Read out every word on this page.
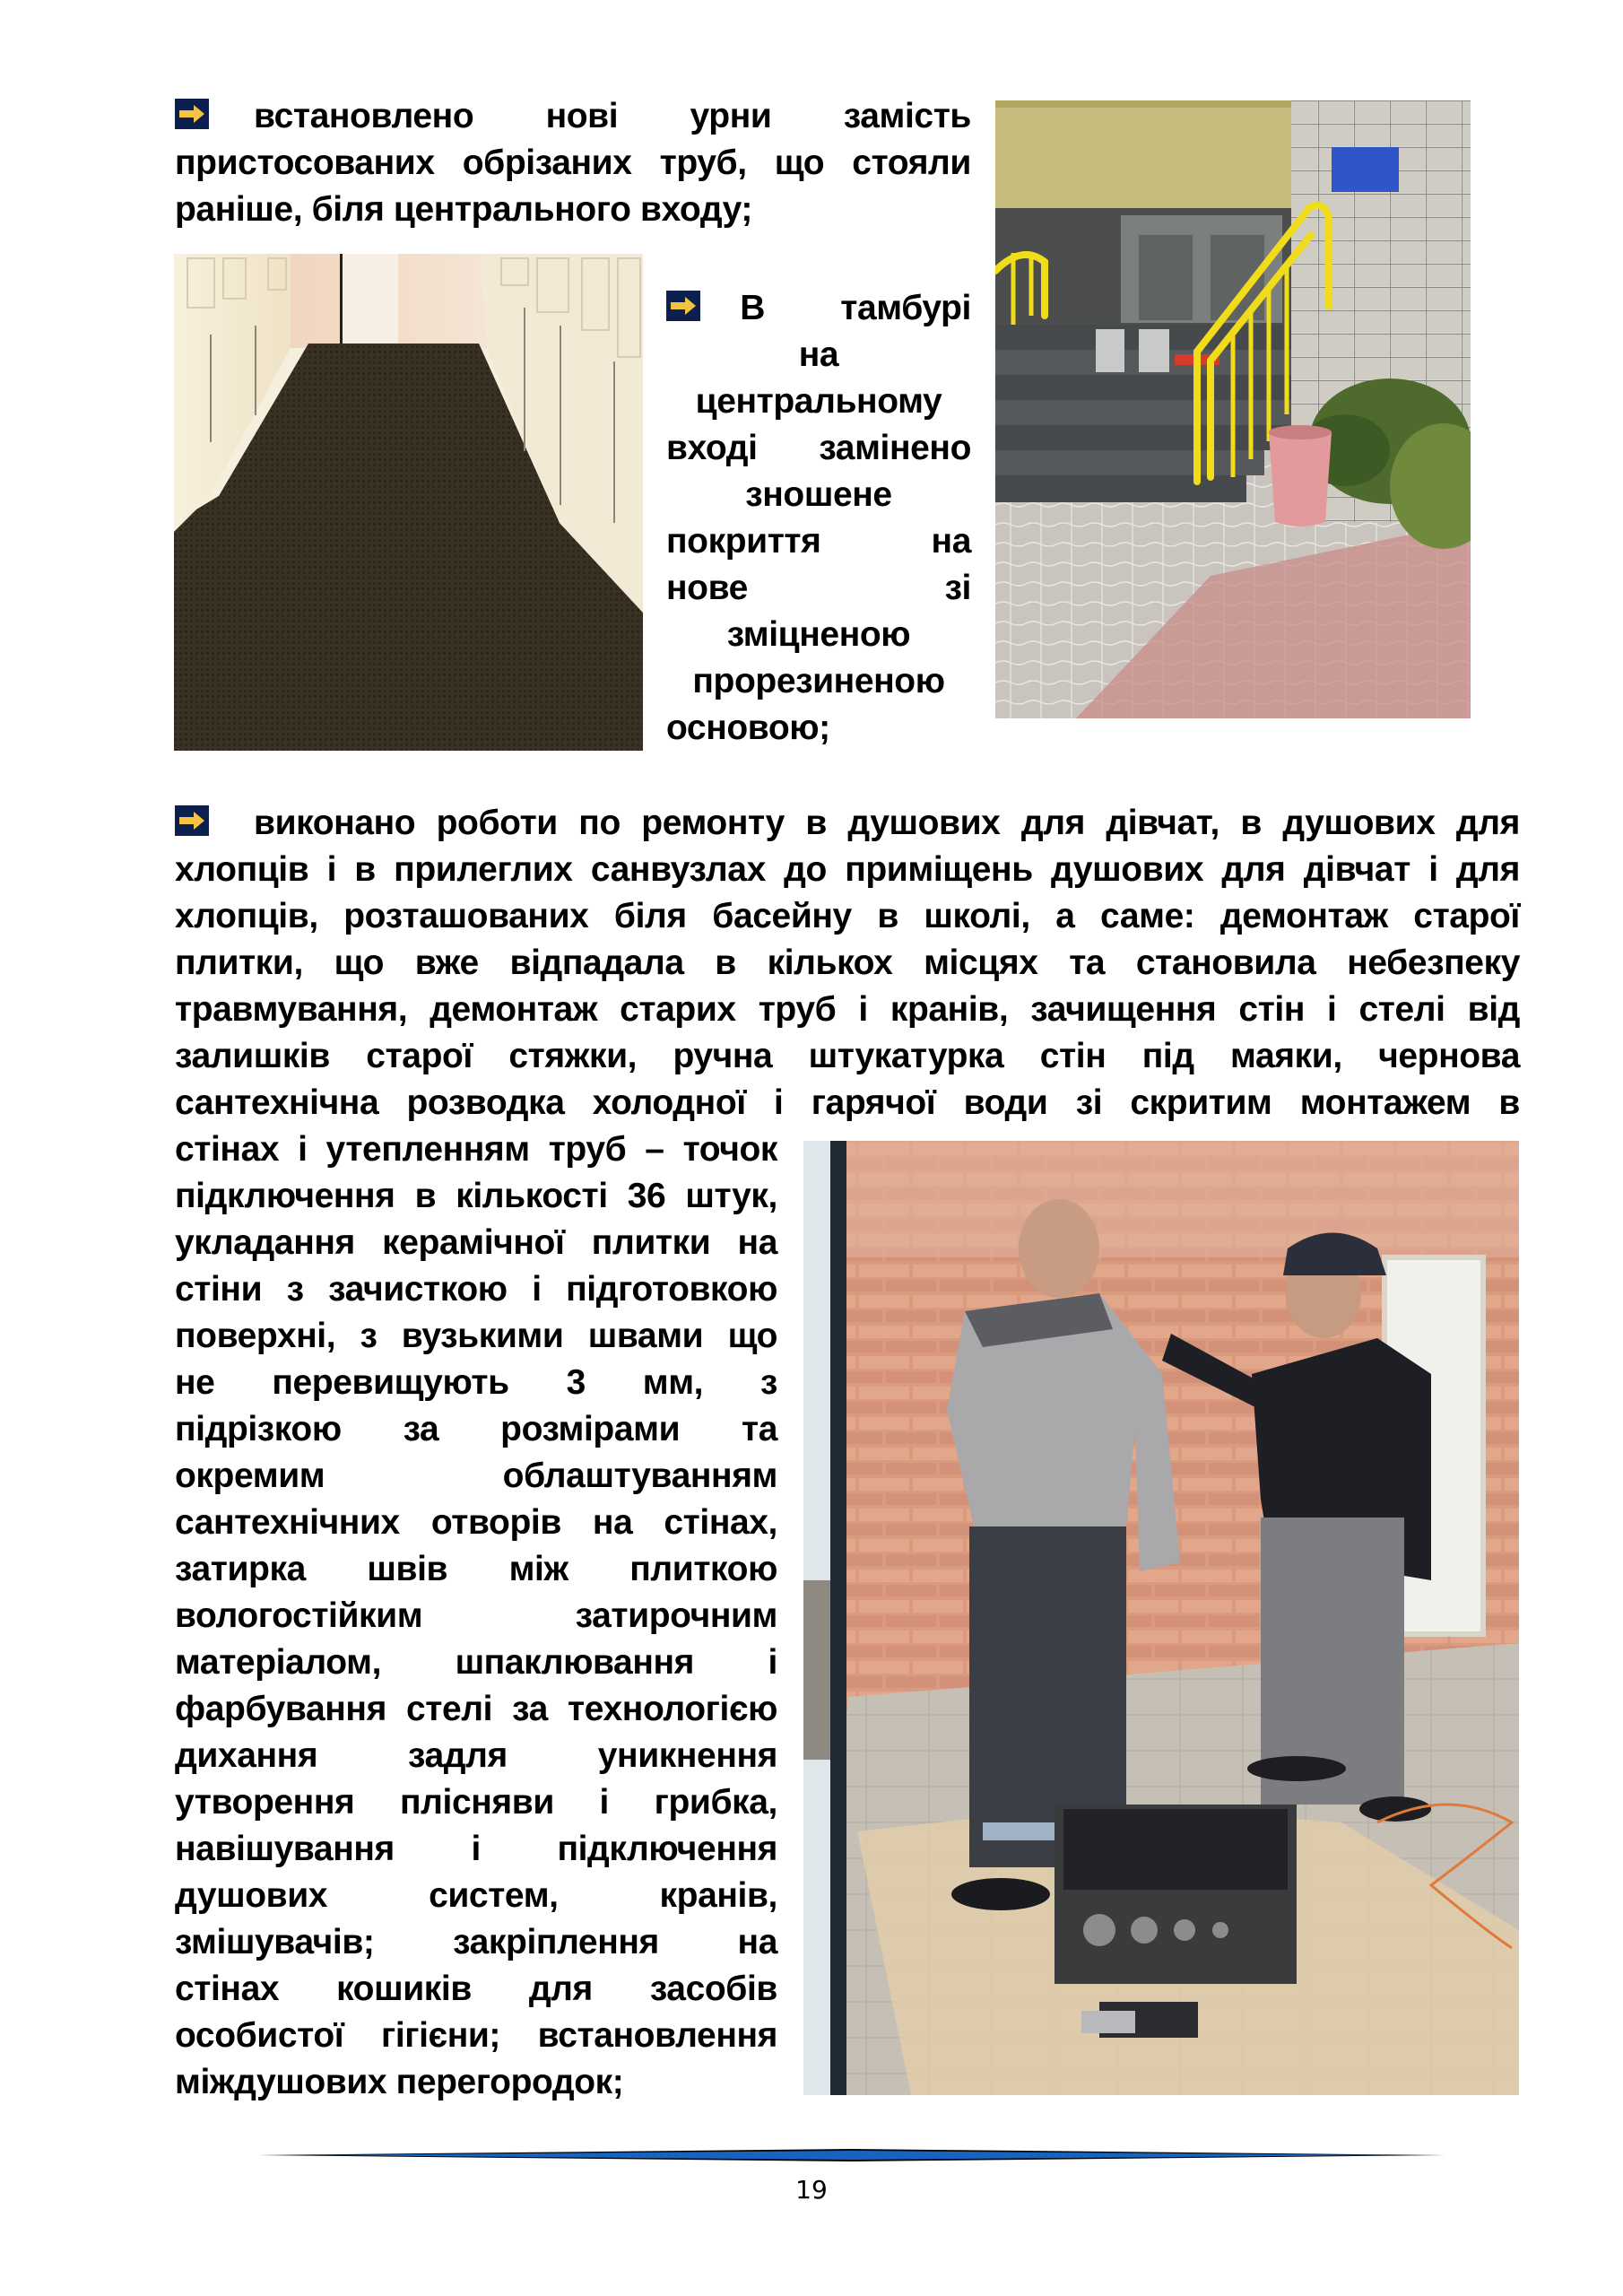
встановлено нові урни замість
пристосованих обрізаних труб, що стояли
раніше, біля центрального входу;
В тамбурі
на
центральному
вході замінено
зношене
покриття на
нове зі
зміцненою
прорезиненою
основою;
виконано роботи по ремонту в душових для дівчат, в душових для
хлопців і в прилеглих санвузлах до приміщень душових для дівчат і для
хлопців, розташованих біля басейну в школі, а саме: демонтаж старої
плитки, що вже відпадала в кількох місцях та становила небезпеку
травмування, демонтаж старих труб і кранів, зачищення стін і стелі від
залишків старої стяжки, ручна штукатурка стін під маяки, чернова
сантехнічна розводка холодної і гарячої води зі скритим монтажем в
стінах і утепленням труб – точок
підключення в кількості 36 штук,
укладання керамічної плитки на
стіни з зачисткою і підготовкою
поверхні, з вузькими швами що
не перевищують 3 мм, з
підрізкою за розмірами та
окремим облаштуванням
сантехнічних отворів на стінах,
затирка швів між плиткою
вологостійким затирочним
матеріалом, шпаклювання і
фарбування стелі за технологією
дихання задля уникнення
утворення плісняви і грибка,
навішування і підключення
душових систем, кранів,
змішувачів; закріплення на
стінах кошиків для засобів
особистої гігієни; встановлення
міждушових перегородок;
19
